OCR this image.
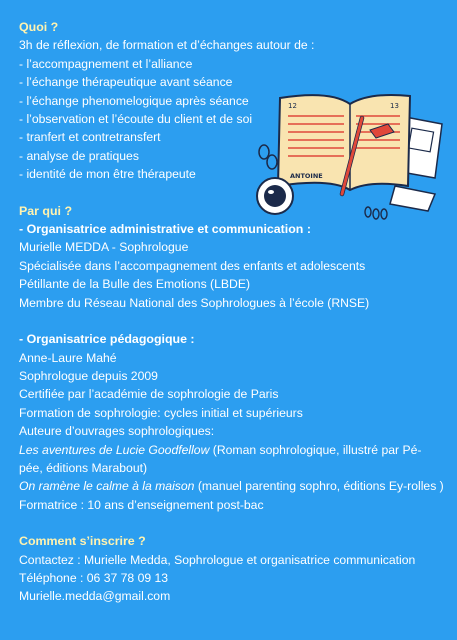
Quoi ?
3h de réflexion, de formation et d’échanges autour de :
- l’accompagnement et l’alliance
- l’échange thérapeutique avant séance
- l’échange phenomelogique après séance
- l’observation et l’écoute du client et de soi
- tranfert et contretransfert
- analyse de pratiques
- identité de mon être thérapeute
Par qui ?
- Organisatrice administrative et communication :
Murielle MEDDA - Sophrologue
Spécialisée dans l’accompagnement des enfants et adolescents
Pétillante de la Bulle des Emotions (LBDE)
Membre du Réseau National des Sophrologues à l’école (RNSE)
- Organisatrice pédagogique :
Anne-Laure Mahé
Sophrologue depuis 2009
Certifiée par l’académie de sophrologie de Paris
Formation de sophrologie: cycles initial et supérieurs
Auteure d’ouvrages sophrologiques:
Les aventures de Lucie Goodfellow (Roman sophrologique, illustré par Pé-pée, éditions Marabout)
On ramène le calme à la maison (manuel parenting sophro, éditions Ey-rolles )
Formatrice : 10 ans d’enseignement post-bac
Comment s’inscrire ?
Contactez : Murielle Medda, Sophrologue et organisatrice communication
Téléphone : 06 37 78 09 13
Murielle.medda@gmail.com
12	13
ANTOINE
